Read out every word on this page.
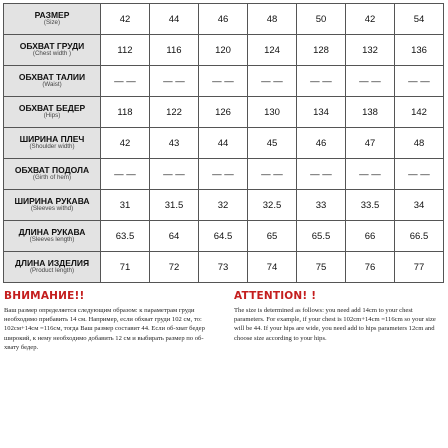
РАЗМЕР
(Size)	42	44	46	48	50	42	54

ОБХВАТ ГРУДИ
(Chest width )	112	116	120	124	128	132	136

ОБХВАТ ТАЛИИ
(Waist)	— —	— —	— —	— —	— —	— —	— —

ОБХВАТ БЕДЕР
(Hips)	118	122	126	130	134	138	142

ШИРИНА ПЛЕЧ
(Shoulder width)	42	43	44	45	46	47	48

ОБХВАТ ПОДОЛА
(Girth of hem)	— —	— —	— —	— —	— —	— —	— —

ШИРИНА РУКАВА
(Sleeves withd)	31	31.5	32	32.5	33	33.5	34

ДЛИНА РУКАВА
(Sleeves length)	63.5	64	64.5	65	65.5	66	66.5

ДЛИНА ИЗДЕЛИЯ
(Product length)	71	72	73	74	75	76	77
ВНИМАНИЕ!!

Ваш размер определяется следующим образом: к параметрам груди необходимо прибавить 14 см. Например, если обхват груди 102 см, то: 102см+14см =116см, тогда Ваш размер составит 44. Если об-хват бедер широкий, к нему необходимо добавить 12 см и выбирать размер по об-хвату бедер.

ATTENTION! !

The size is determined as follows: you need add 14cm to your chest parameters. For example, if your chest is 102cm+14cm =116cm so your size will be 44. If your hips are wide, you need add to hips parameters 12cm and choose size according to your hips.
